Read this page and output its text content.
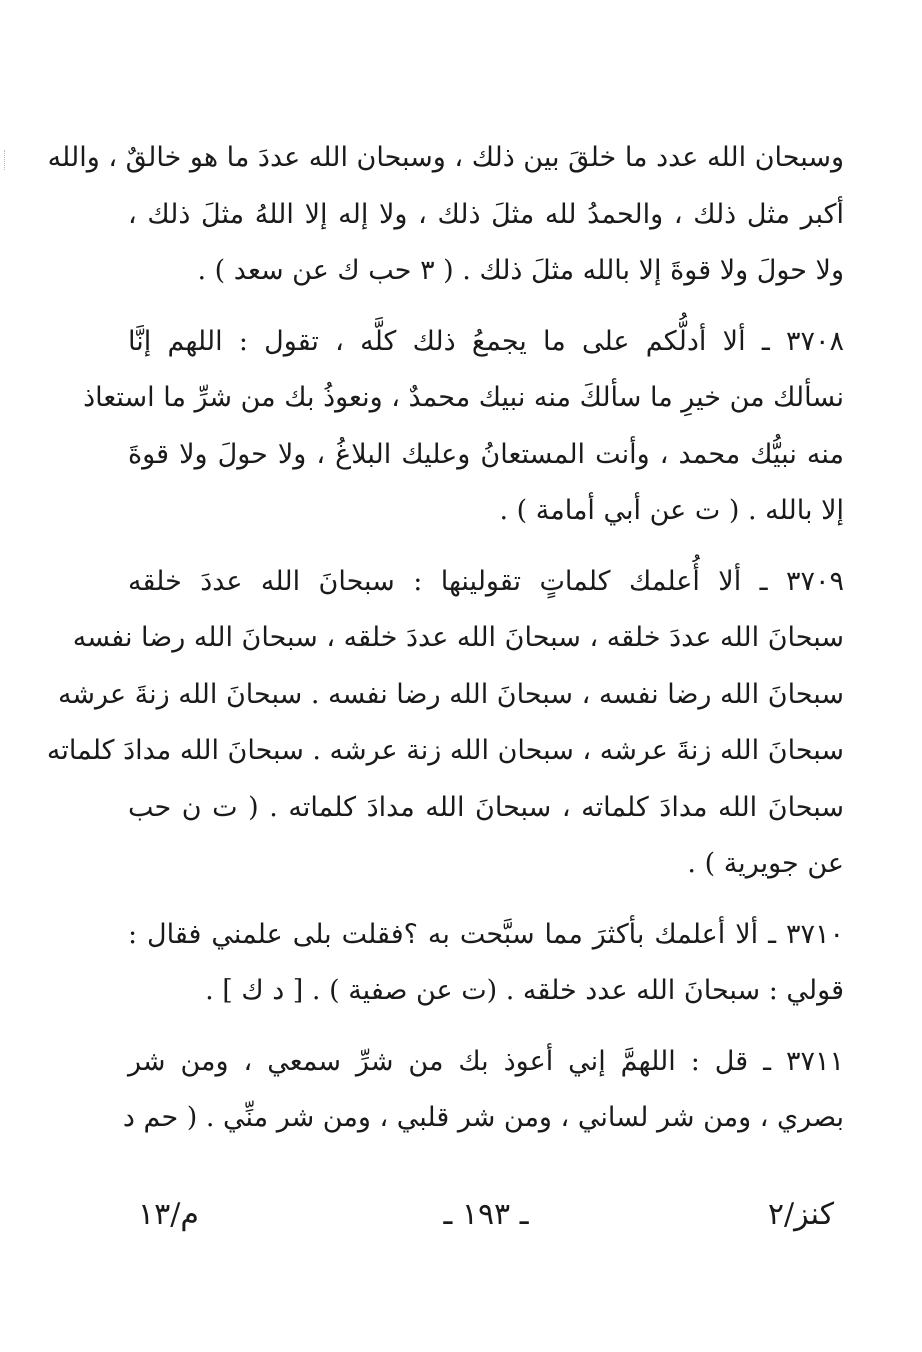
وسبحان الله عدد ما خلقَ بين ذلك ، وسبحان الله عددَ ما هو خالقٌ ، والله
أكبر مثل ذلك ، والحمدُ لله مثلَ ذلك ، ولا إله إلا اللهُ مثلَ ذلك ،
ولا حولَ ولا قوةَ إلا بالله مثلَ ذلك . ( ٣ حب ك عن سعد ) .
٣٧٠٨ ـ ألا أدلُّكم على ما يجمعُ ذلك كلَّه ، تقول : اللهم إنَّا
نسألك من خيرِ ما سألكَ منه نبيك محمدٌ ، ونعوذُ بك من شرِّ ما استعاذ
منه نبيُّك محمد ، وأنت المستعانُ وعليك البلاغُ ، ولا حولَ ولا قوةَ
إلا بالله . ( ت عن أبي أمامة ) .
٣٧٠٩ ـ ألا أُعلمك كلماتٍ تقولينها : سبحانَ الله عددَ خلقه
سبحانَ الله عددَ خلقه ، سبحانَ الله عددَ خلقه ، سبحانَ الله رضا نفسه
سبحانَ الله رضا نفسه ، سبحانَ الله رضا نفسه . سبحانَ الله زنةَ عرشه
سبحانَ الله زنةَ عرشه ، سبحان الله زنة عرشه . سبحانَ الله مدادَ كلماته
سبحانَ الله مدادَ كلماته ، سبحانَ الله مدادَ كلماته . ( ت ن حب
عن جويرية ) .
٣٧١٠ ـ ألا أعلمك بأكثرَ مما سبَّحت به ؟فقلت بلى علمني فقال :
قولي : سبحانَ الله عدد خلقه . (ت عن صفية ) . [ د ك ] .
٣٧١١ ـ قل : اللهمَّ إني أعوذ بك من شرِّ سمعي ، ومن شر
بصري ، ومن شر لساني ، ومن شر قلبي ، ومن شر منِّي . ( حم د
م/١٣	ـ ١٩٣ ـ	كنز/٢
